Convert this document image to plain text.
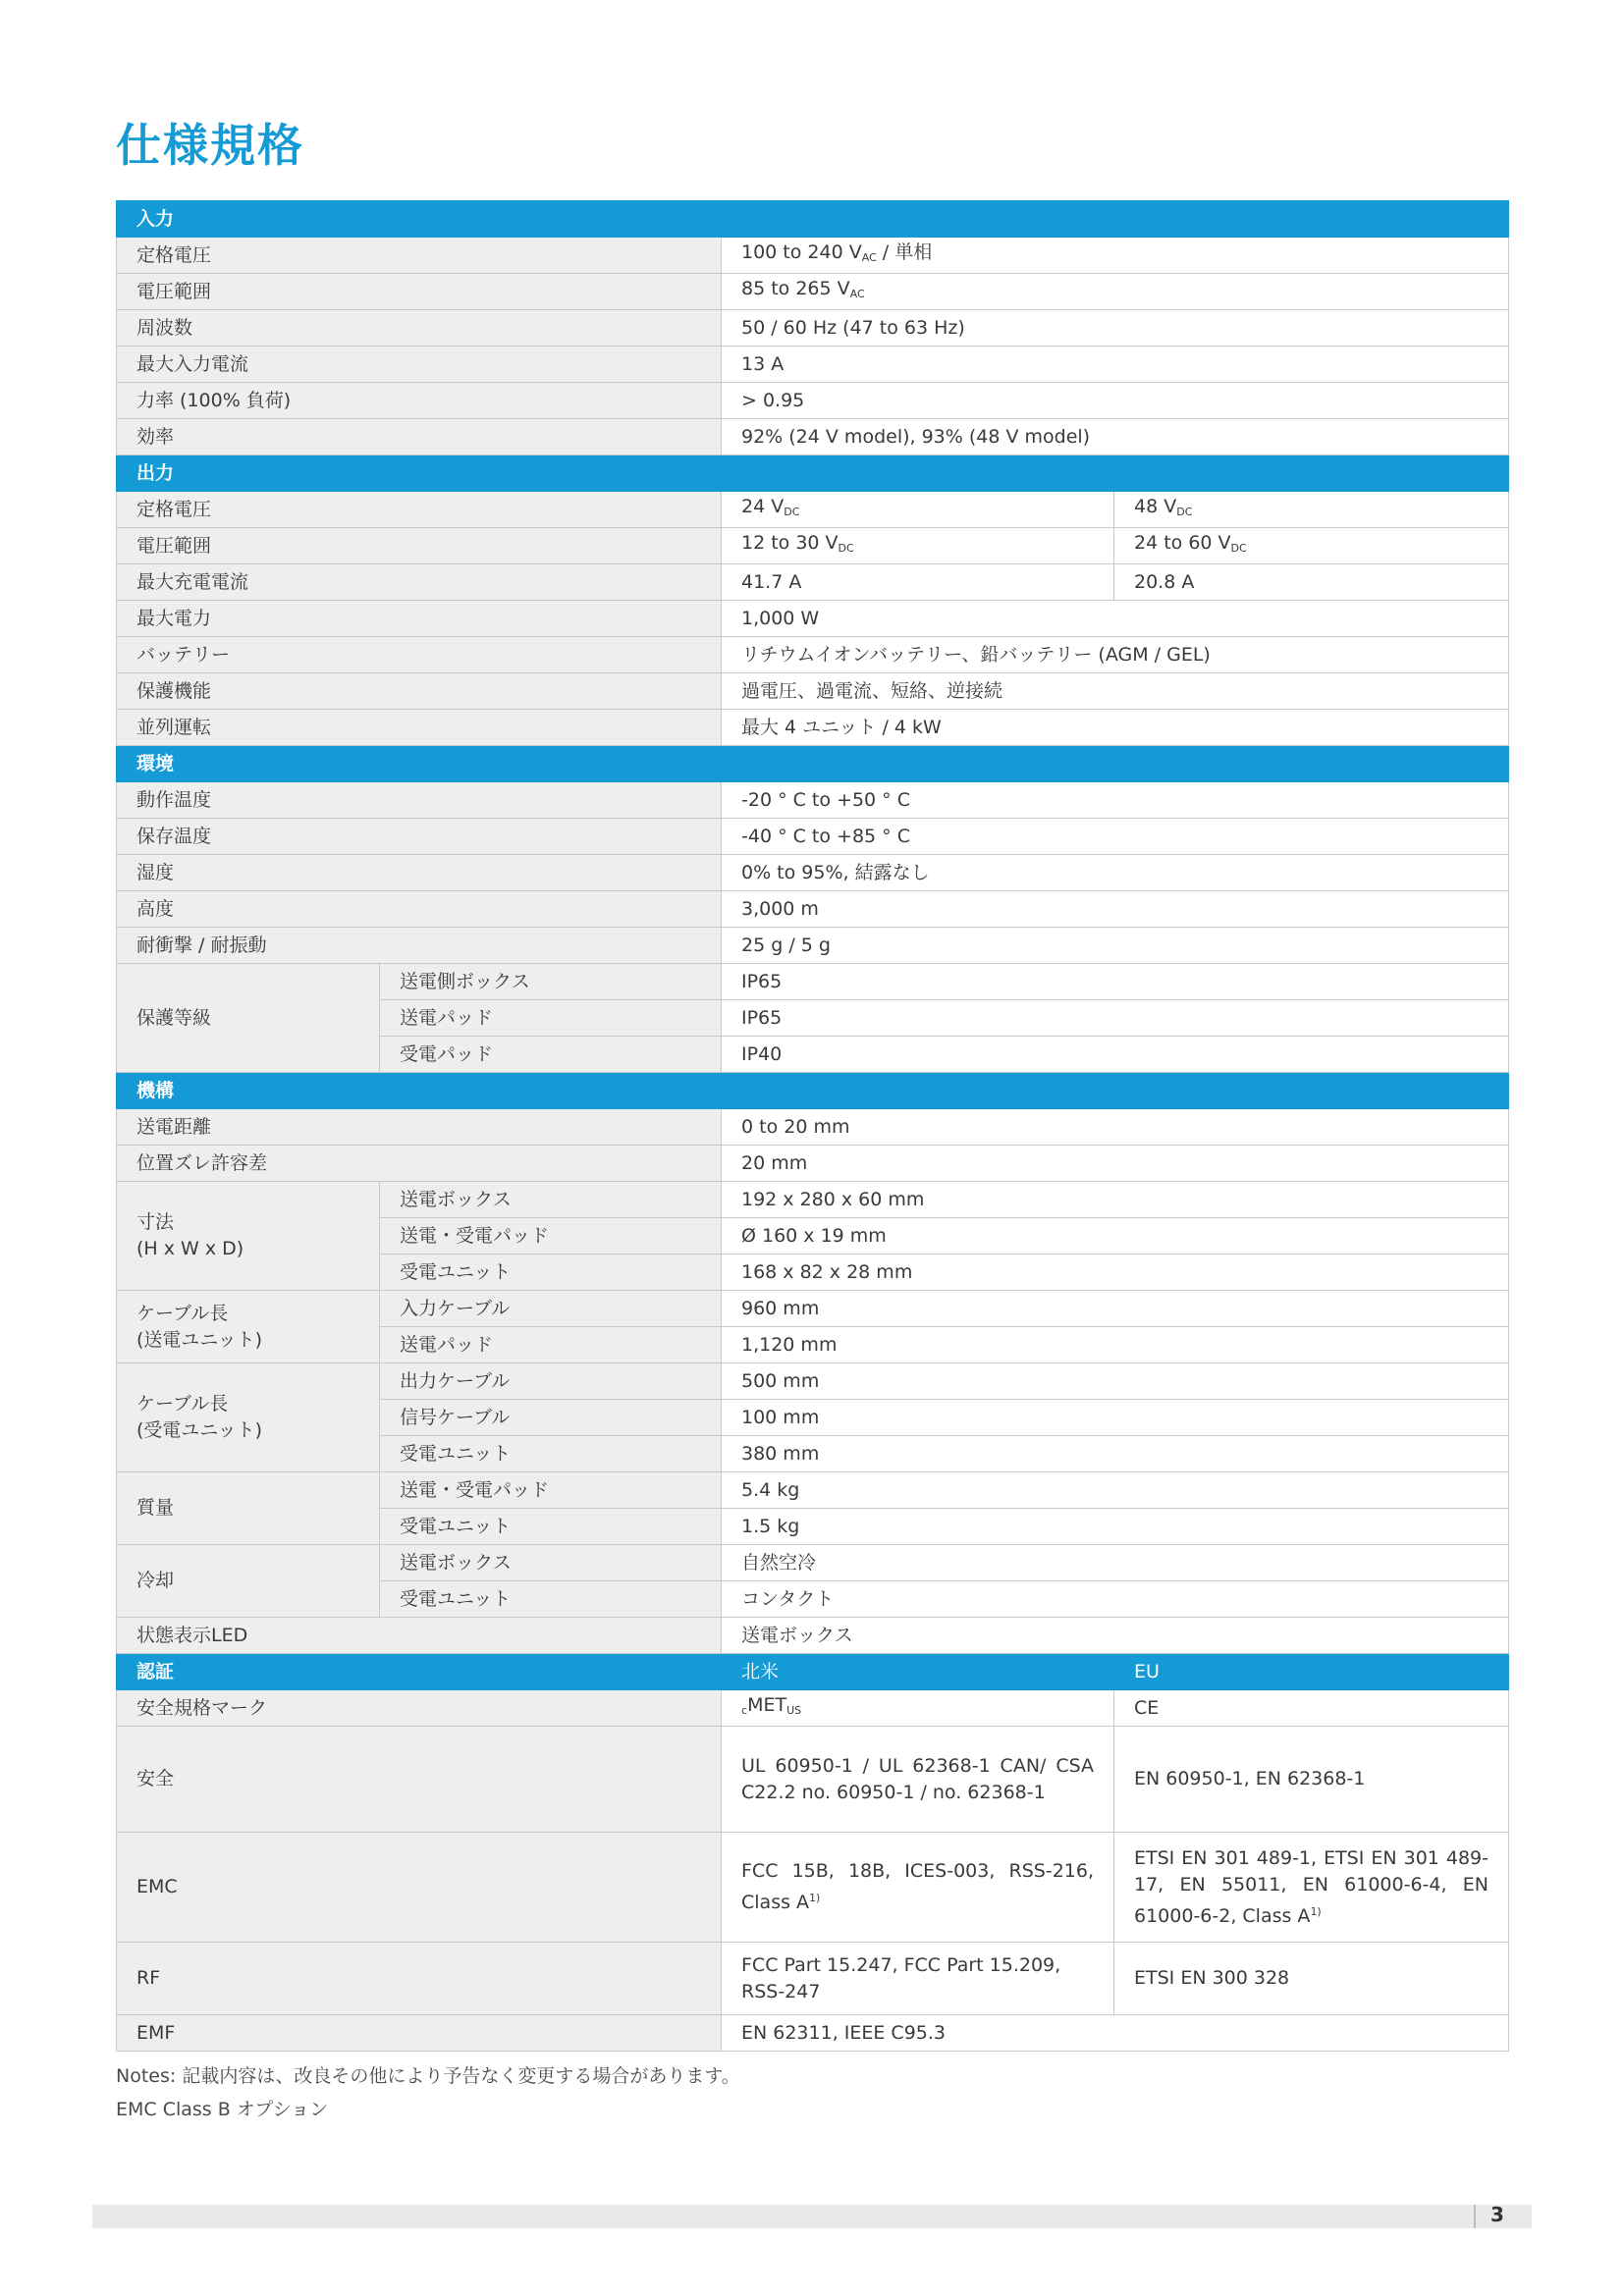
仕様規格
入力			
定格電圧		100 to 240 $V_{AC}$ / 単相	
電圧範囲		85 to 265 $V_{AC}$
周波数		50 / 60 Hz (47 to 63 Hz)	
最大入力電流		13 A	
力率 (100% 負荷)		> 0.95	
効率		92% (24 V model), 93% (48 V model)	
出力			
定格電圧		24 $V_{DC}$	48 $V_{DC}$
電圧範囲		12 to 30 $V_{DC}$	24 to 60 $V_{DC}$
最大充電電流		41.7 A	20.8 A
最大電力		1,000 W	
バッテリー		リチウムイオンバッテリー、鉛バッテリー (AGM / GEL)	
保護機能		過電圧、過電流、短絡、逆接続	
並列運転		最大 4 ユニット / 4 kW	
環境			
動作温度		-20 ° C to +50 ° C	
保存温度		-40 ° C to +85 ° C	
湿度		0% to 95%, 結露なし	
高度		3,000 m	
耐衝撃 / 耐振動		25 g / 5 g	
保護等級	送電側ボックス	IP65	
	送電パッド	IP65	
	受電パッド	IP40	
機構			
送電距離		0 to 20 mm	
位置ズレ許容差		20 mm	

寸法
(H x W x D)	送電ボックス	192 x 280 x 60 mm	
	送電・受電パッド	Ø 160 x 19 mm	
	受電ユニット	168 x 82 x 28 mm	

ケーブル長
(送電ユニット)	入力ケーブル	960 mm	
	送電パッド	1,120 mm	

ケーブル長
(受電ユニット)	出力ケーブル	500 mm	
	信号ケーブル	100 mm	
	受電ユニット	380 mm	
質量	送電・受電パッド	5.4 kg	
	受電ユニット	1.5 kg	
冷却	送電ボックス	自然空冷	
	受電ユニット	コンタクト	
状態表示LED		送電ボックス	
認証		北米	EU
安全規格マーク		$_cMET_{US}$	CE
安全		UL 60950-1 / UL 62368-1 CAN/ CSA C22.2 no. 60950-1 / no. 62368-1	EN 60950-1, EN 62368-1
EMC		FCC 15B, 18B, ICES-003, RSS-216, Class $A^{1)}$	ETSI EN 301 489-1, ETSI EN 301 489-17, EN 55011, EN 61000-6-4, EN 61000-6-2, Class $A^{1)}$
RF		FCC Part 15.247, FCC Part 15.209, RSS-247	ETSI EN 300 328
EMF		EN 62311, IEEE C95.3	
Notes: 記載内容は、改良その他により予告なく変更する場合があります。
EMC Class B オプション
3
